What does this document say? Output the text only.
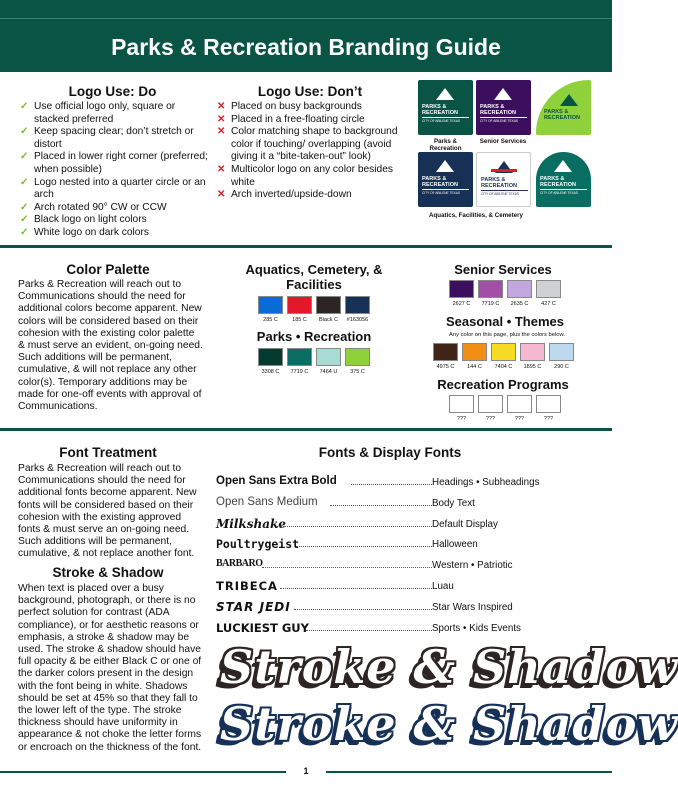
Parks & Recreation Branding Guide
Logo Use: Do
✓ Use official logo only, square or stacked preferred
✓ Keep spacing clear; don’t stretch or distort
✓ Placed in lower right corner (preferred; when possible)
✓ Logo nested into a quarter circle or an arch
✓ Arch rotated 90° CW or CCW
✓ Black logo on light colors
✓ White logo on dark colors
Logo Use: Don’t
✕ Placed on busy backgrounds
✕ Placed in a free-floating circle
✕ Color matching shape to background color if touching/ overlapping (avoid giving it a “bite-taken-out” look)
✕ Multicolor logo on any color besides white
✕ Arch inverted/upside-down
PARKS &
RECREATION
CITY OF ABILENE TEXAS
Parks &
Recreation
PARKS &
RECREATION
CITY OF ABILENE TEXAS
Senior Services
PARKS &
RECREATION
PARKS &
RECREATION
CITY OF ABILENE TEXAS
PARKS &
RECREATION
CITY OF ABILENE TEXAS
PARKS &
RECREATION
CITY OF ABILENE TEXAS
Aquatics, Facilities, & Cemetery
Color Palette

Parks & Recreation will reach out to Communications should the need for additional colors become apparent. New colors will be considered based on their cohesion with the existing color palette & must serve an evident, on-going need. Such additions will be permanent, cumulative, & will not replace any other color(s). Temporary additions may be made for one-off events with approval of Communications.

Aquatics, Cemetery, & Facilities
285 C	185 C	Black C	#163056
Parks • Recreation
3308 C	7719 C	7464 U	375 C
Senior Services
2627 C	7719 C	2635 C	427 C
Seasonal • Themes
Any color on this page, plus the colors below.
4975 C	144 C	7404 C	1895 C	290 C
Recreation Programs
???	???	???	???
Font Treatment

Parks & Recreation will reach out to Communications should the need for additional fonts become apparent. New fonts will be considered based on their cohesion with the existing approved fonts & must serve an on-going need. Such additions will be permanent, cumulative, & not replace another font.

Stroke & Shadow

When text is placed over a busy background, photograph, or there is no perfect solution for contrast (ADA compliance), or for aesthetic reasons or emphasis, a stroke & shadow may be used. The stroke & shadow should have full opacity & be either Black C or one of the darker colors present in the design with the font being in white. Shadows should be set at 45% so that they fall to the lower left of the type. The stroke thickness should have uniformity in appearance & not choke the letter forms or encroach on the thickness of the font.

Fonts & Display Fonts
Open Sans Extra Bold	Headings • Subheadings
Open Sans Medium	Body Text
Milkshake	Default Display
Poultrygeist	Halloween
BARBARO	Western • Patriotic
TRIBECA	Luau
STAR JEDI	Star Wars Inspired
LUCKIEST GUY	Sports • Kids Events
Stroke & Shadow
Stroke & Shadow
1
